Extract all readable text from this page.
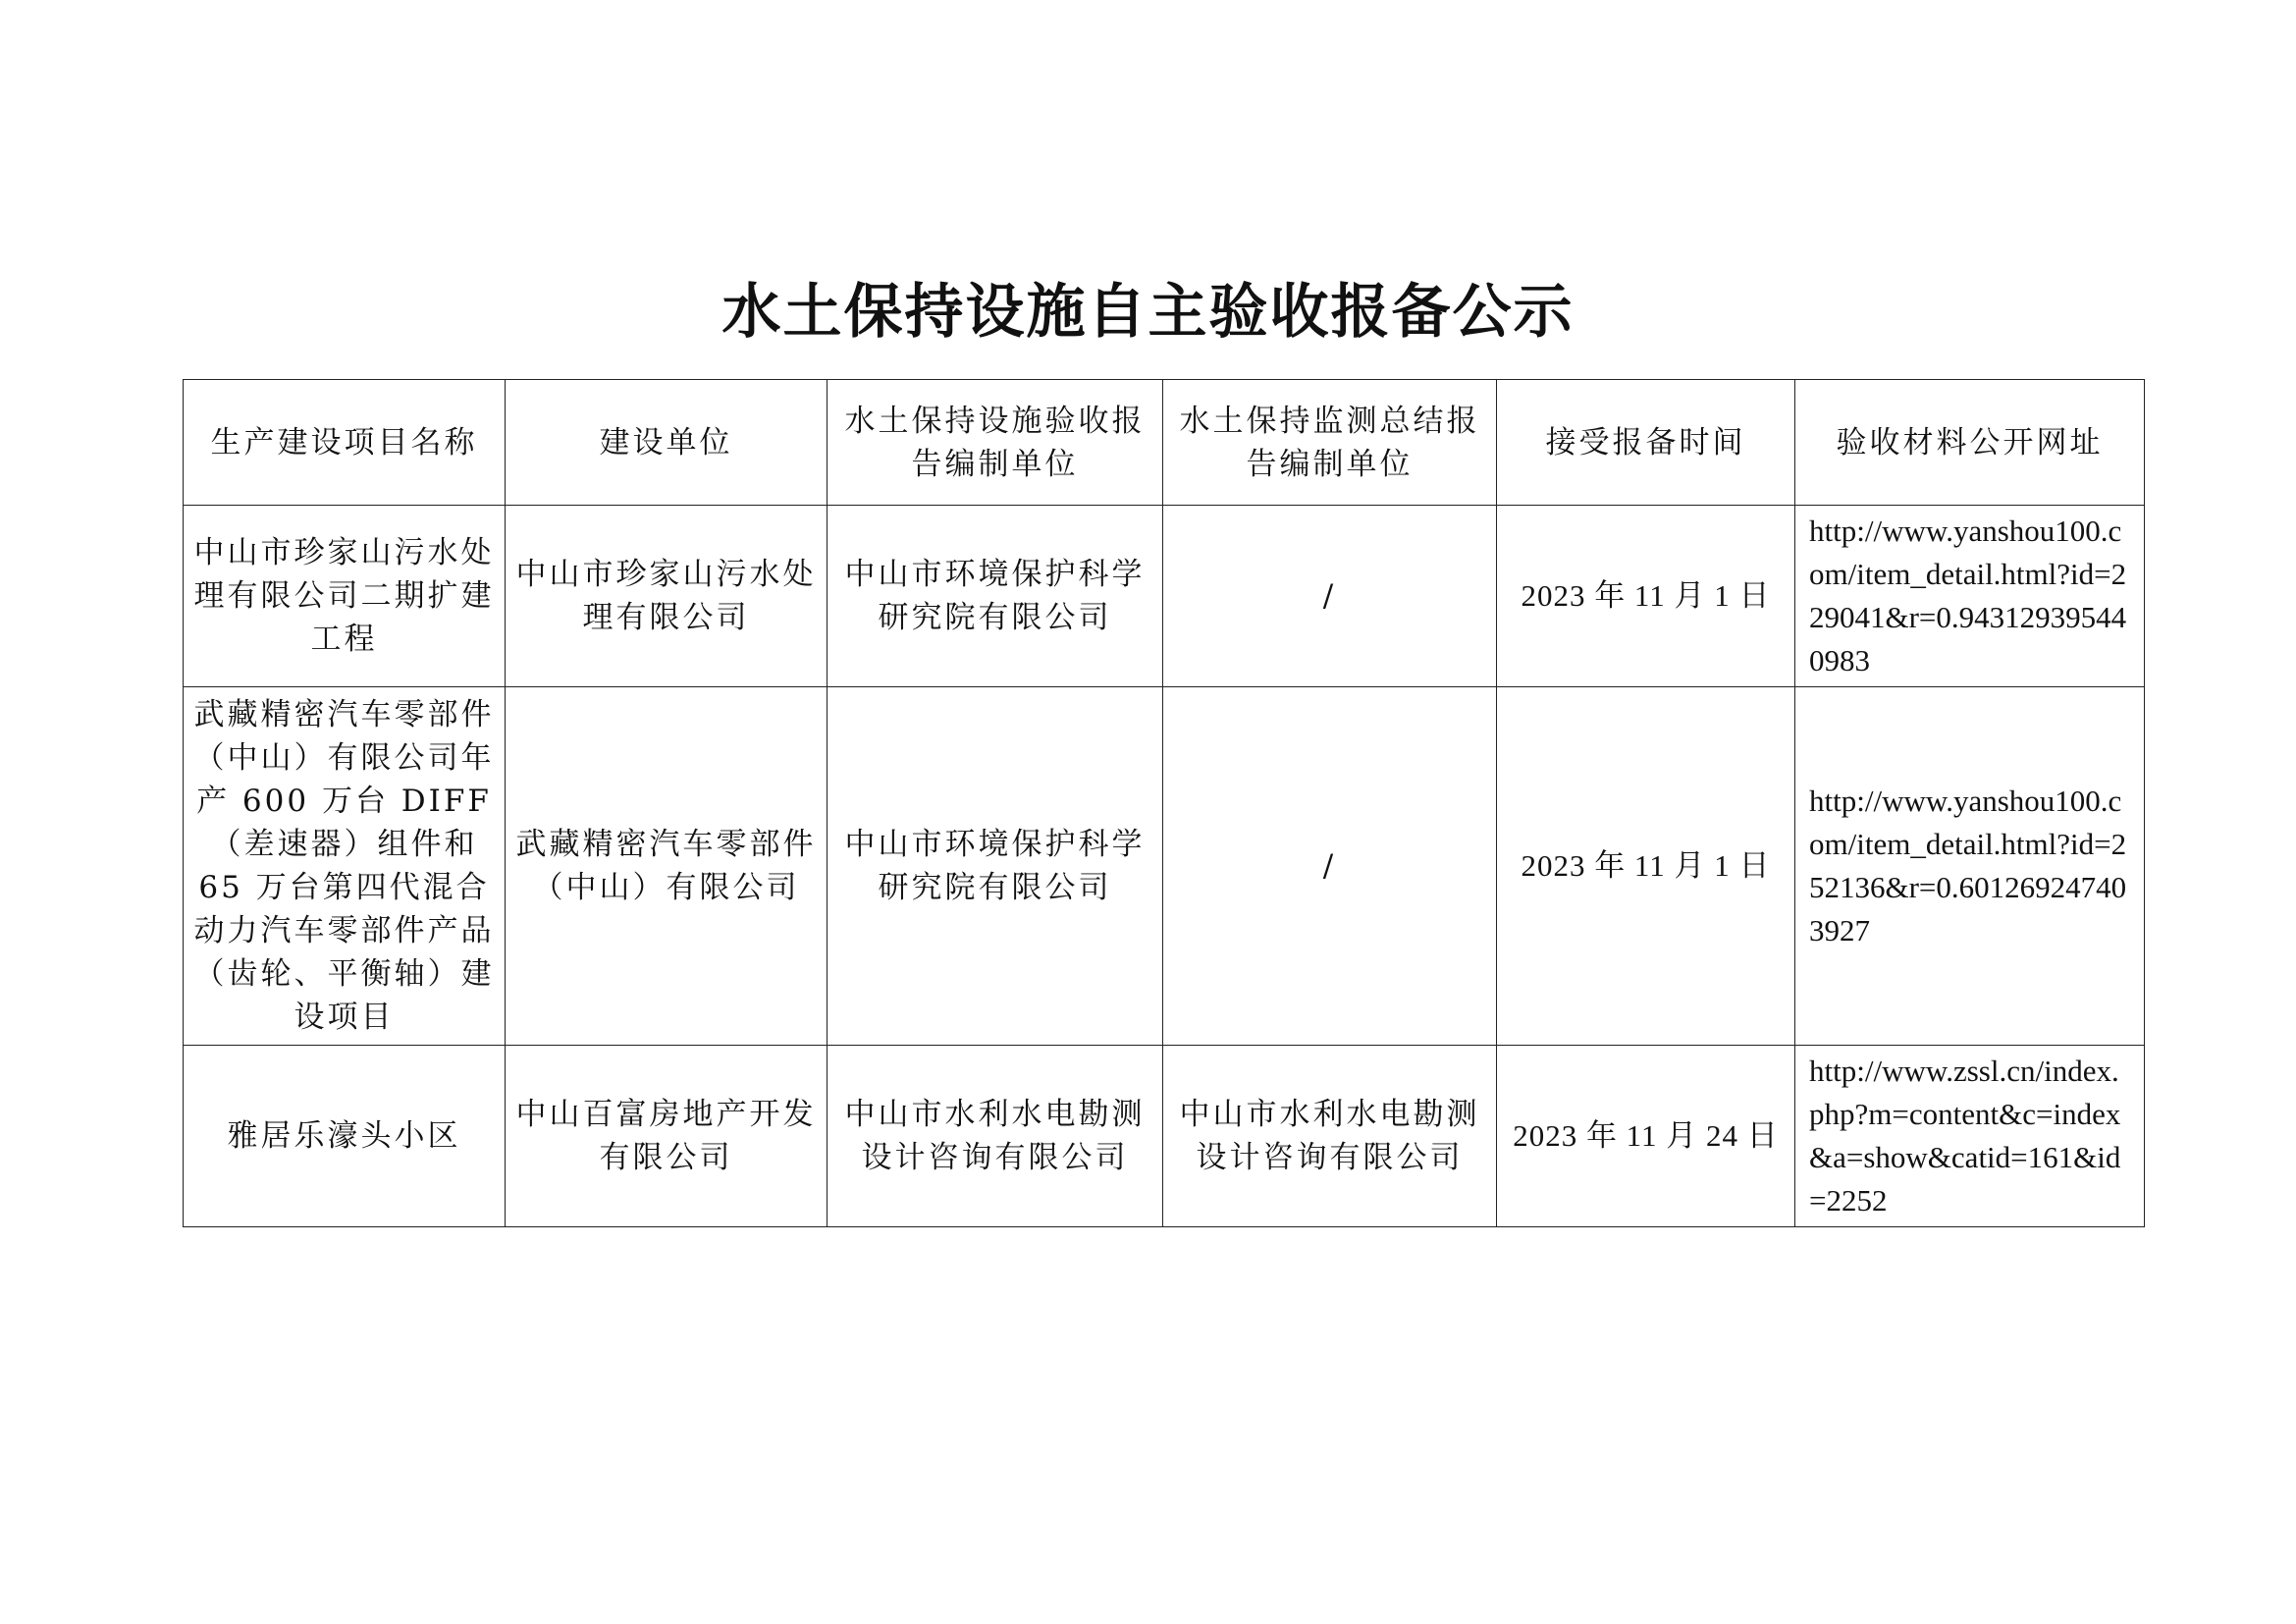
水土保持设施自主验收报备公示
生产建设项目名称	建设单位	水土保持设施验收报告编制单位	水土保持监测总结报告编制单位	接受报备时间	验收材料公开网址
中山市珍家山污水处理有限公司二期扩建工程	中山市珍家山污水处理有限公司	中山市环境保护科学研究院有限公司	/	2023 年 11 月 1 日	http://www.yanshou100.com/item_detail.html?id=229041&r=0.943129395440983
武藏精密汽车零部件（中山）有限公司年产 600 万台 DIFF（差速器）组件和 65 万台第四代混合动力汽车零部件产品（齿轮、平衡轴）建设项目	武藏精密汽车零部件（中山）有限公司	中山市环境保护科学研究院有限公司	/	2023 年 11 月 1 日	http://www.yanshou100.com/item_detail.html?id=252136&r=0.601269247403927
雅居乐濠头小区	中山百富房地产开发有限公司	中山市水利水电勘测设计咨询有限公司	中山市水利水电勘测设计咨询有限公司	2023 年 11 月 24 日	http://www.zssl.cn/index.php?m=content&c=index&a=show&catid=161&id=2252
